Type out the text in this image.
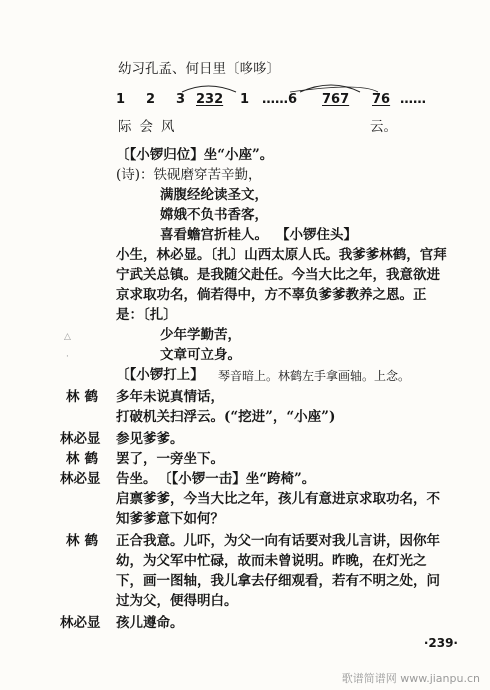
幼习孔孟、何日里〔哆哆〕
1 2 3 232 1 ……6 767 76 ……
际会风	云。
〔【小锣归位】坐“小座”。
(诗)：铁砚磨穿苦辛勤，
满腹经纶读圣文，
嫦娥不负书香客，
喜看蟾宫折桂人。 【小锣住头】
小生，林必显。〔扎〕山西太原人氏。我爹爹林鹤，官拜
宁武关总镇。是我随父赴任。今当大比之年，我意欲进
京求取功名，倘若得中，方不辜负爹爹教养之恩。正
是：〔扎〕
△
·
少年学勤苦，
文章可立身。
〔【小锣打上】 琴音暗上。林鹤左手拿画轴。上念。
林鹤 多年未说真情话，
打破机关扫浮云。(“挖进”，“小座”)
林必显 参见爹爹。
林鹤 罢了，一旁坐下。
林必显 告坐。 〔【小锣一击】坐“跨椅”。
启禀爹爹，今当大比之年，孩儿有意进京求取功名，不
知爹爹意下如何？
林鹤 正合我意。儿吓，为父一向有话要对我儿言讲，因你年
幼，为父军中忙碌，故而未曾说明。昨晚，在灯光之
下，画一图轴，我儿拿去仔细观看，若有不明之处，问
过为父，便得明白。
林必显 孩儿遵命。
·239·
歌谱简谱网 www.jianpu.cn
